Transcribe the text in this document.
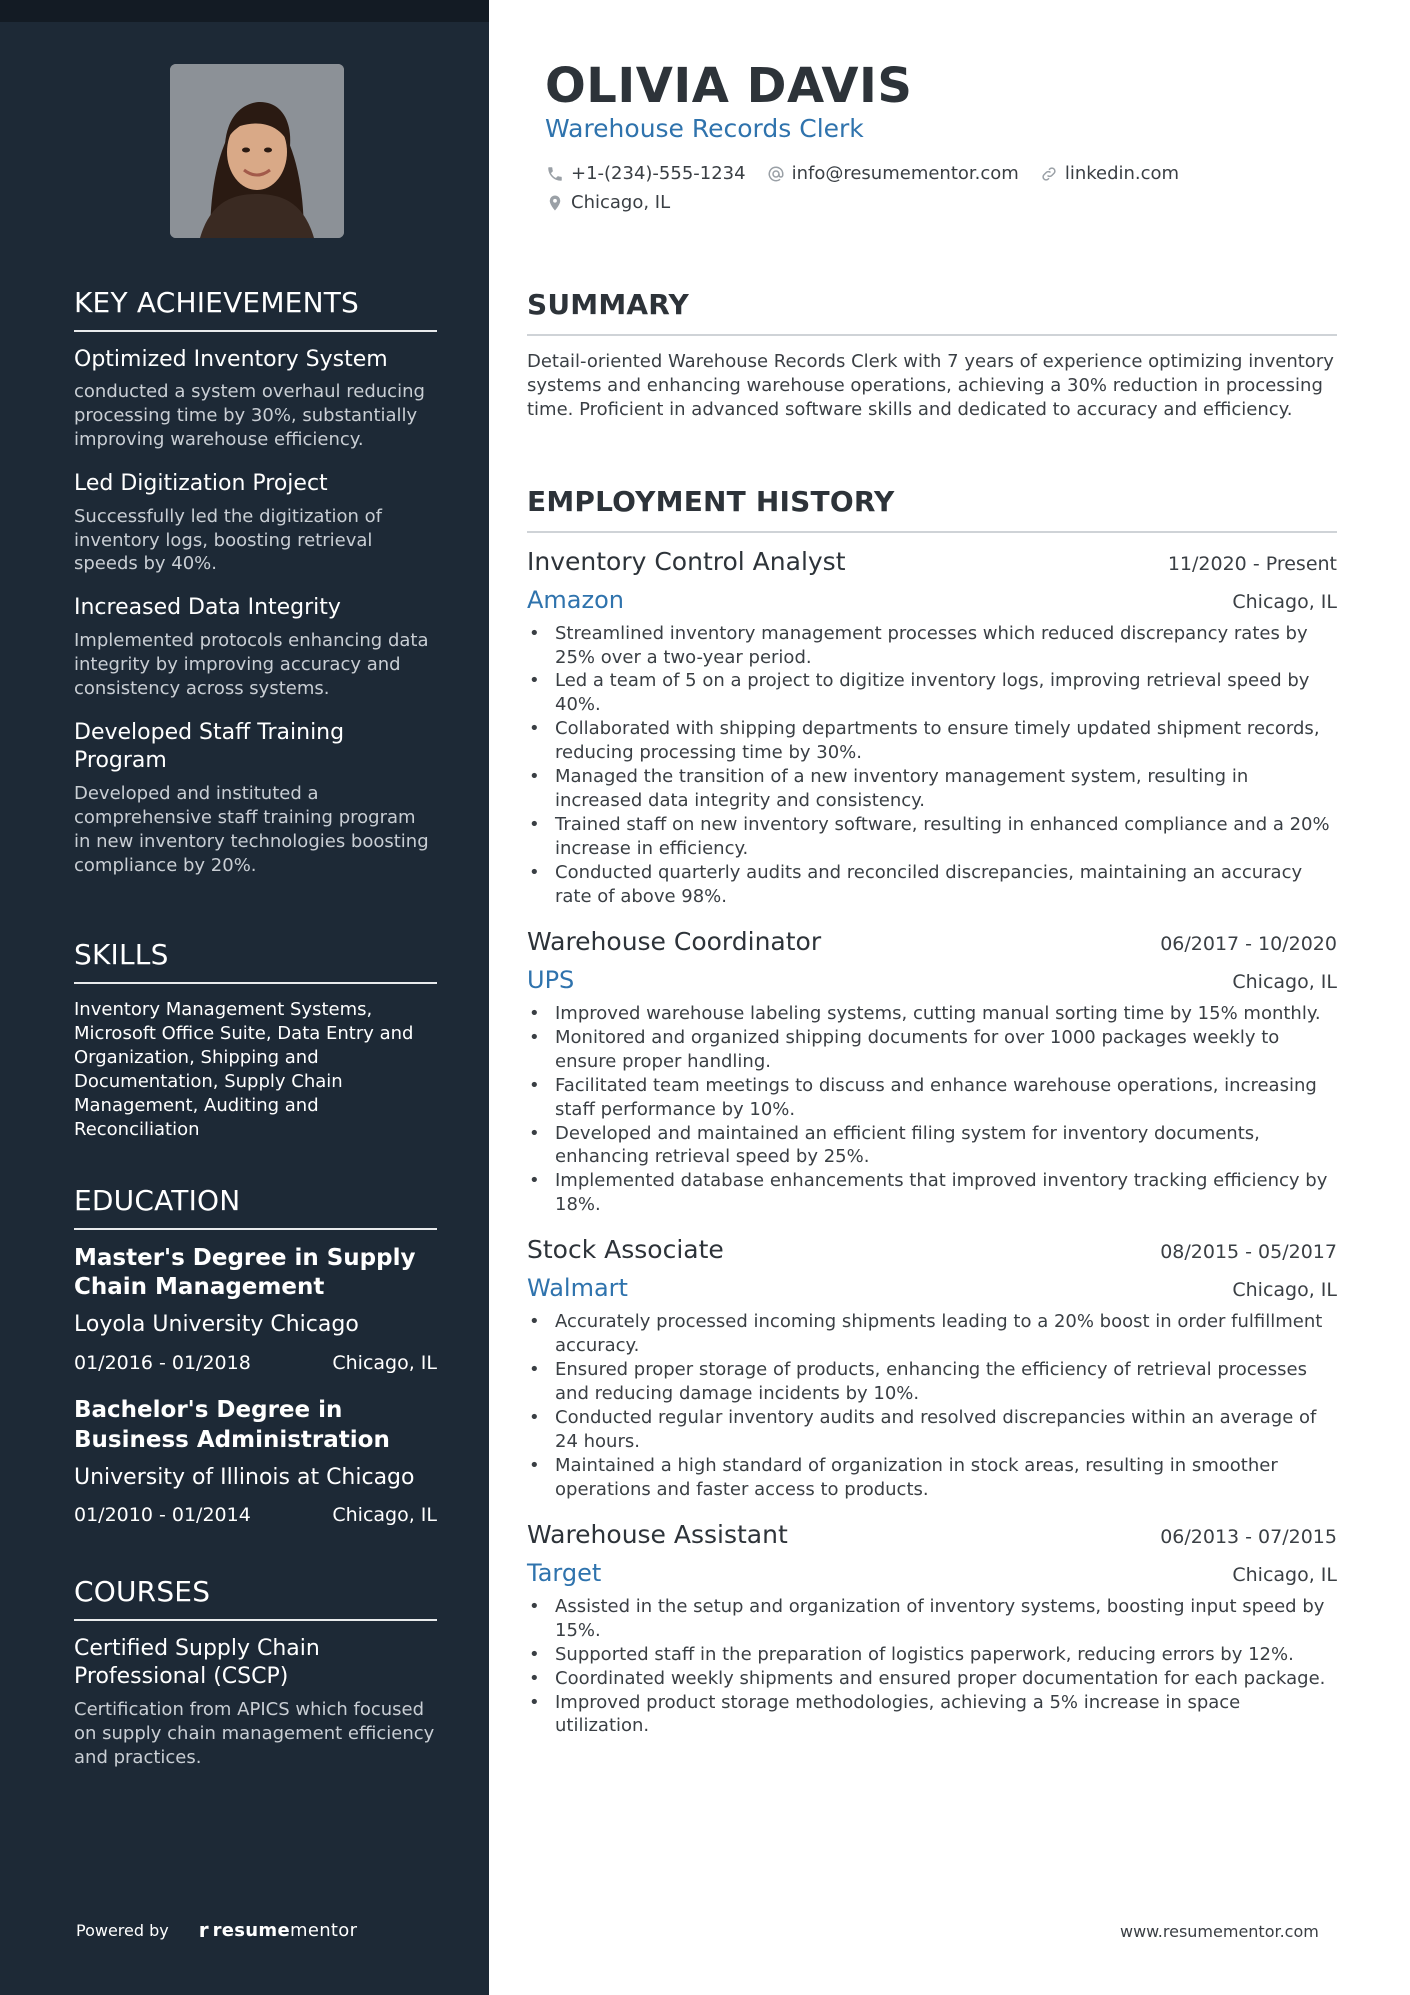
KEY ACHIEVEMENTS
Optimized Inventory System
conducted a system overhaul reducing processing time by 30%, substantially improving warehouse efficiency.
Led Digitization Project
Successfully led the digitization of inventory logs, boosting retrieval speeds by 40%.
Increased Data Integrity
Implemented protocols enhancing data integrity by improving accuracy and consistency across systems.
Developed Staff Training Program
Developed and instituted a comprehensive staff training program in new inventory technologies boosting compliance by 20%.
SKILLS
Inventory Management Systems, Microsoft Office Suite, Data Entry and Organization, Shipping and Documentation, Supply Chain Management, Auditing and Reconciliation
EDUCATION
Master's Degree in Supply Chain Management
Loyola University Chicago
01/2016 - 01/2018	Chicago, IL
Bachelor's Degree in Business Administration
University of Illinois at Chicago
01/2010 - 01/2014	Chicago, IL
COURSES
Certified Supply Chain Professional (CSCP)
Certification from APICS which focused on supply chain management efficiency and practices.
Powered by r resume mentor
OLIVIA DAVIS
Warehouse Records Clerk
+1-(234)-555-1234	info@resumementor.com	linkedin.com
Chicago, IL
SUMMARY

Detail-oriented Warehouse Records Clerk with 7 years of experience optimizing inventory systems and enhancing warehouse operations, achieving a 30% reduction in processing time. Proficient in advanced software skills and dedicated to accuracy and efficiency.

EMPLOYMENT HISTORY
Inventory Control Analyst	11/2020 - Present
Amazon	Chicago, IL
• Streamlined inventory management processes which reduced discrepancy rates by 25% over a two-year period.
• Led a team of 5 on a project to digitize inventory logs, improving retrieval speed by 40%.
• Collaborated with shipping departments to ensure timely updated shipment records, reducing processing time by 30%.
• Managed the transition of a new inventory management system, resulting in increased data integrity and consistency.
• Trained staff on new inventory software, resulting in enhanced compliance and a 20% increase in efficiency.
• Conducted quarterly audits and reconciled discrepancies, maintaining an accuracy rate of above 98%.
Warehouse Coordinator	06/2017 - 10/2020
UPS	Chicago, IL
• Improved warehouse labeling systems, cutting manual sorting time by 15% monthly.
• Monitored and organized shipping documents for over 1000 packages weekly to ensure proper handling.
• Facilitated team meetings to discuss and enhance warehouse operations, increasing staff performance by 10%.
• Developed and maintained an efficient filing system for inventory documents, enhancing retrieval speed by 25%.
• Implemented database enhancements that improved inventory tracking efficiency by 18%.
Stock Associate	08/2015 - 05/2017
Walmart	Chicago, IL
• Accurately processed incoming shipments leading to a 20% boost in order fulfillment accuracy.
• Ensured proper storage of products, enhancing the efficiency of retrieval processes and reducing damage incidents by 10%.
• Conducted regular inventory audits and resolved discrepancies within an average of 24 hours.
• Maintained a high standard of organization in stock areas, resulting in smoother operations and faster access to products.
Warehouse Assistant	06/2013 - 07/2015
Target	Chicago, IL
• Assisted in the setup and organization of inventory systems, boosting input speed by 15%.
• Supported staff in the preparation of logistics paperwork, reducing errors by 12%.
• Coordinated weekly shipments and ensured proper documentation for each package.
• Improved product storage methodologies, achieving a 5% increase in space utilization.
www.resumementor.com
